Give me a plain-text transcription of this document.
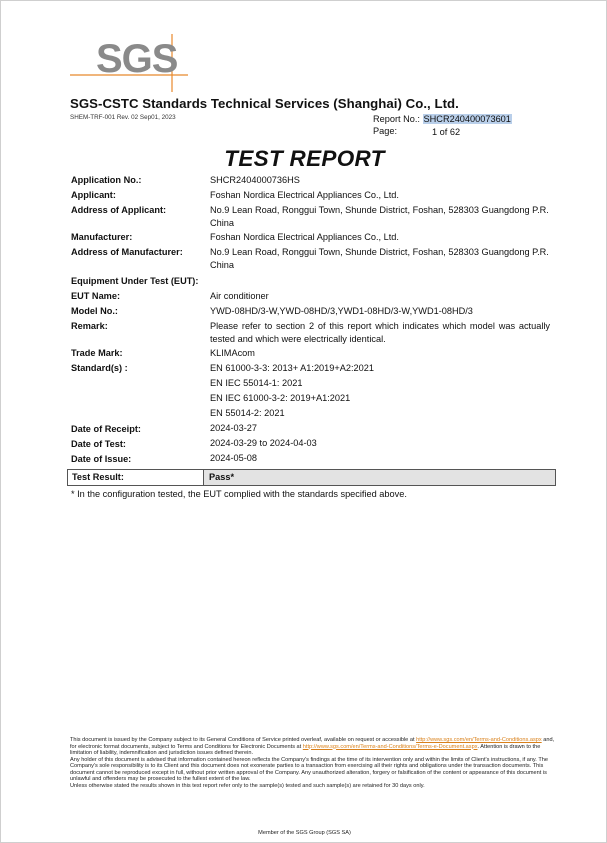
SGS
SGS-CSTC Standards Technical Services (Shanghai) Co., Ltd.
SHEM-TRF-001 Rev. 02 Sep01, 2023	Report No.: SHCR240400073601
Page:	1 of 62
TEST REPORT
Application No.:	SHCR2404000736HS
Applicant:	Foshan Nordica Electrical Appliances Co., Ltd.
Address of Applicant:	No.9 Lean Road, Ronggui Town, Shunde District, Foshan, 528303 Guangdong P.R. China
Manufacturer:	Foshan Nordica Electrical Appliances Co., Ltd.
Address of Manufacturer:	No.9 Lean Road, Ronggui Town, Shunde District, Foshan, 528303 Guangdong P.R. China
Equipment Under Test (EUT):
EUT Name:	Air conditioner
Model No.:	YWD-08HD/3-W,YWD-08HD/3,YWD1-08HD/3-W,YWD1-08HD/3
Remark:	Please refer to section 2 of this report which indicates which model was actually tested and which were electrically identical.
Trade Mark:	KLIMAcom
Standard(s) :	EN 61000-3-3: 2013+ A1:2019+A2:2021
EN IEC 55014-1: 2021
EN IEC 61000-3-2: 2019+A1:2021
EN 55014-2: 2021
Date of Receipt:	2024-03-27
Date of Test:	2024-03-29 to 2024-04-03
Date of Issue:	2024-05-08
Test Result:	Pass*
* In the configuration tested, the EUT complied with the standards specified above.

This document is issued by the Company subject to its General Conditions of Service printed overleaf, available on request or accessible at http://www.sgs.com/en/Terms-and-Conditions.aspx and, for electronic format documents, subject to Terms and Conditions for Electronic Documents at http://www.sgs.com/en/Terms-and-Conditions/Terms-e-Document.aspx. Attention is drawn to the limitation of liability, indemnification and jurisdiction issues defined therein.

Any holder of this document is advised that information contained hereon reflects the Company's findings at the time of its intervention only and within the limits of Client's instructions, if any. The Company's sole responsibility is to its Client and this document does not exonerate parties to a transaction from exercising all their rights and obligations under the transaction documents. This document cannot be reproduced except in full, without prior written approval of the Company. Any unauthorized alteration, forgery or falsification of the content or appearance of this document is unlawful and offenders may be prosecuted to the fullest extent of the law.

Unless otherwise stated the results shown in this test report refer only to the sample(s) tested and such sample(s) are retained for 30 days only.

Member of the SGS Group (SGS SA)
